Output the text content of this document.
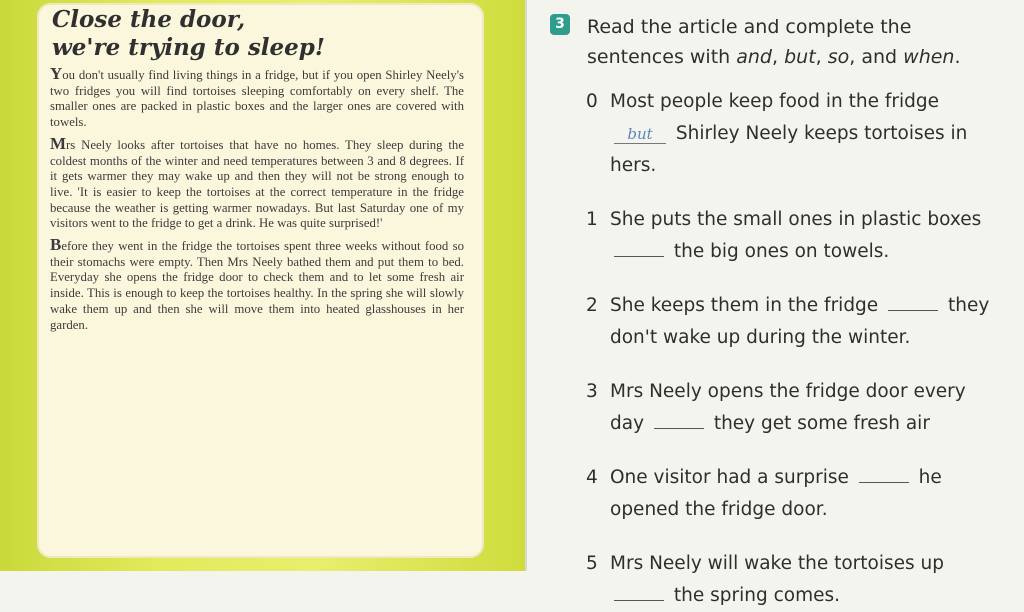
Close the door,
we're trying to sleep!

You don't usually find living things in a fridge, but if you open Shirley Neely's two fridges you will find tortoises sleeping comfortably on every shelf. The smaller ones are packed in plastic boxes and the larger ones are covered with towels.

Mrs Neely looks after tortoises that have no homes. They sleep during the coldest months of the winter and need temperatures between 3 and 8 degrees. If it gets warmer they may wake up and then they will not be strong enough to live. 'It is easier to keep the tortoises at the correct temperature in the fridge because the weather is getting warmer nowadays. But last Saturday one of my visitors went to the fridge to get a drink. He was quite surprised!'

Before they went in the fridge the tortoises spent three weeks without food so their stomachs were empty. Then Mrs Neely bathed them and put them to bed. Everyday she opens the fridge door to check them and to let some fresh air inside. This is enough to keep the tortoises healthy. In the spring she will slowly wake them up and then she will move them into heated glasshouses in her garden.

3 Read the article and complete the sentences with and, but, so, and when.
0 Most people keep food in the fridge
but Shirley Neely keeps tortoises in hers.
1 She puts the small ones in plastic boxes
the big ones on towels.
2 She keeps them in the fridge	they don't wake up during the winter.
3 Mrs Neely opens the fridge door every day	they get some fresh air
4 One visitor had a surprise	he opened the fridge door.
5 Mrs Neely will wake the tortoises up
the spring comes.
